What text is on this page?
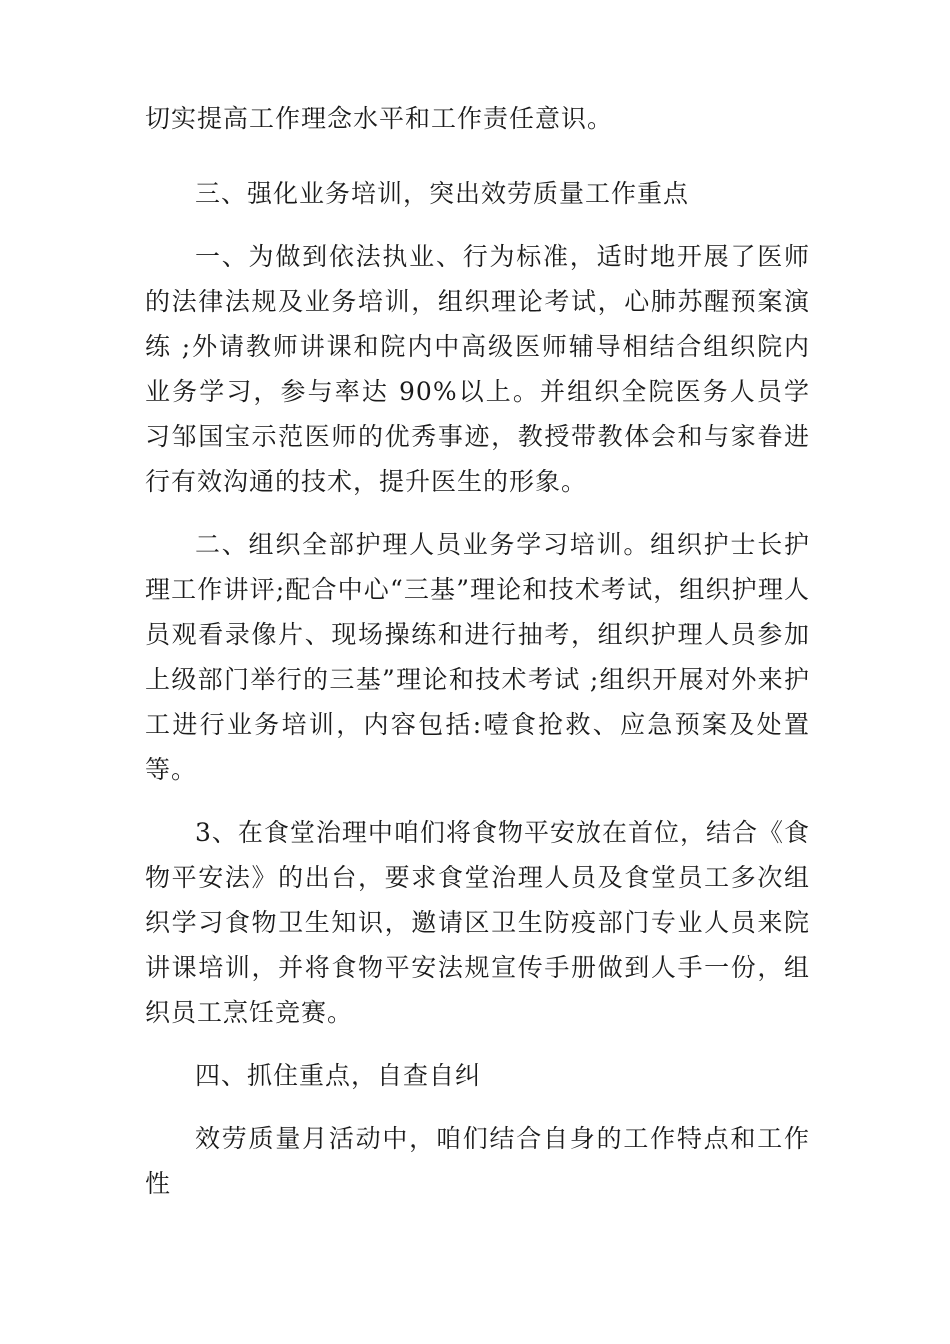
切实提高工作理念水平和工作责任意识。

三、强化业务培训，突出效劳质量工作重点

一、为做到依法执业、行为标准，适时地开展了医师的法律法规及业务培训，组织理论考试，心肺苏醒预案演练 ;外请教师讲课和院内中高级医师辅导相结合组织院内业务学习，参与率达 90%以上。并组织全院医务人员学习邹国宝示范医师的优秀事迹，教授带教体会和与家眷进行有效沟通的技术，提升医生的形象。

二、组织全部护理人员业务学习培训。组织护士长护理工作讲评;配合中心“三基”理论和技术考试，组织护理人员观看录像片、现场操练和进行抽考，组织护理人员参加上级部门举行的三基”理论和技术考试 ;组织开展对外来护工进行业务培训，内容包括:噎食抢救、应急预案及处置等。

3、在食堂治理中咱们将食物平安放在首位，结合《食物平安法》的出台，要求食堂治理人员及食堂员工多次组织学习食物卫生知识，邀请区卫生防疫部门专业人员来院讲课培训，并将食物平安法规宣传手册做到人手一份，组织员工烹饪竞赛。

四、抓住重点，自查自纠

效劳质量月活动中，咱们结合自身的工作特点和工作性
